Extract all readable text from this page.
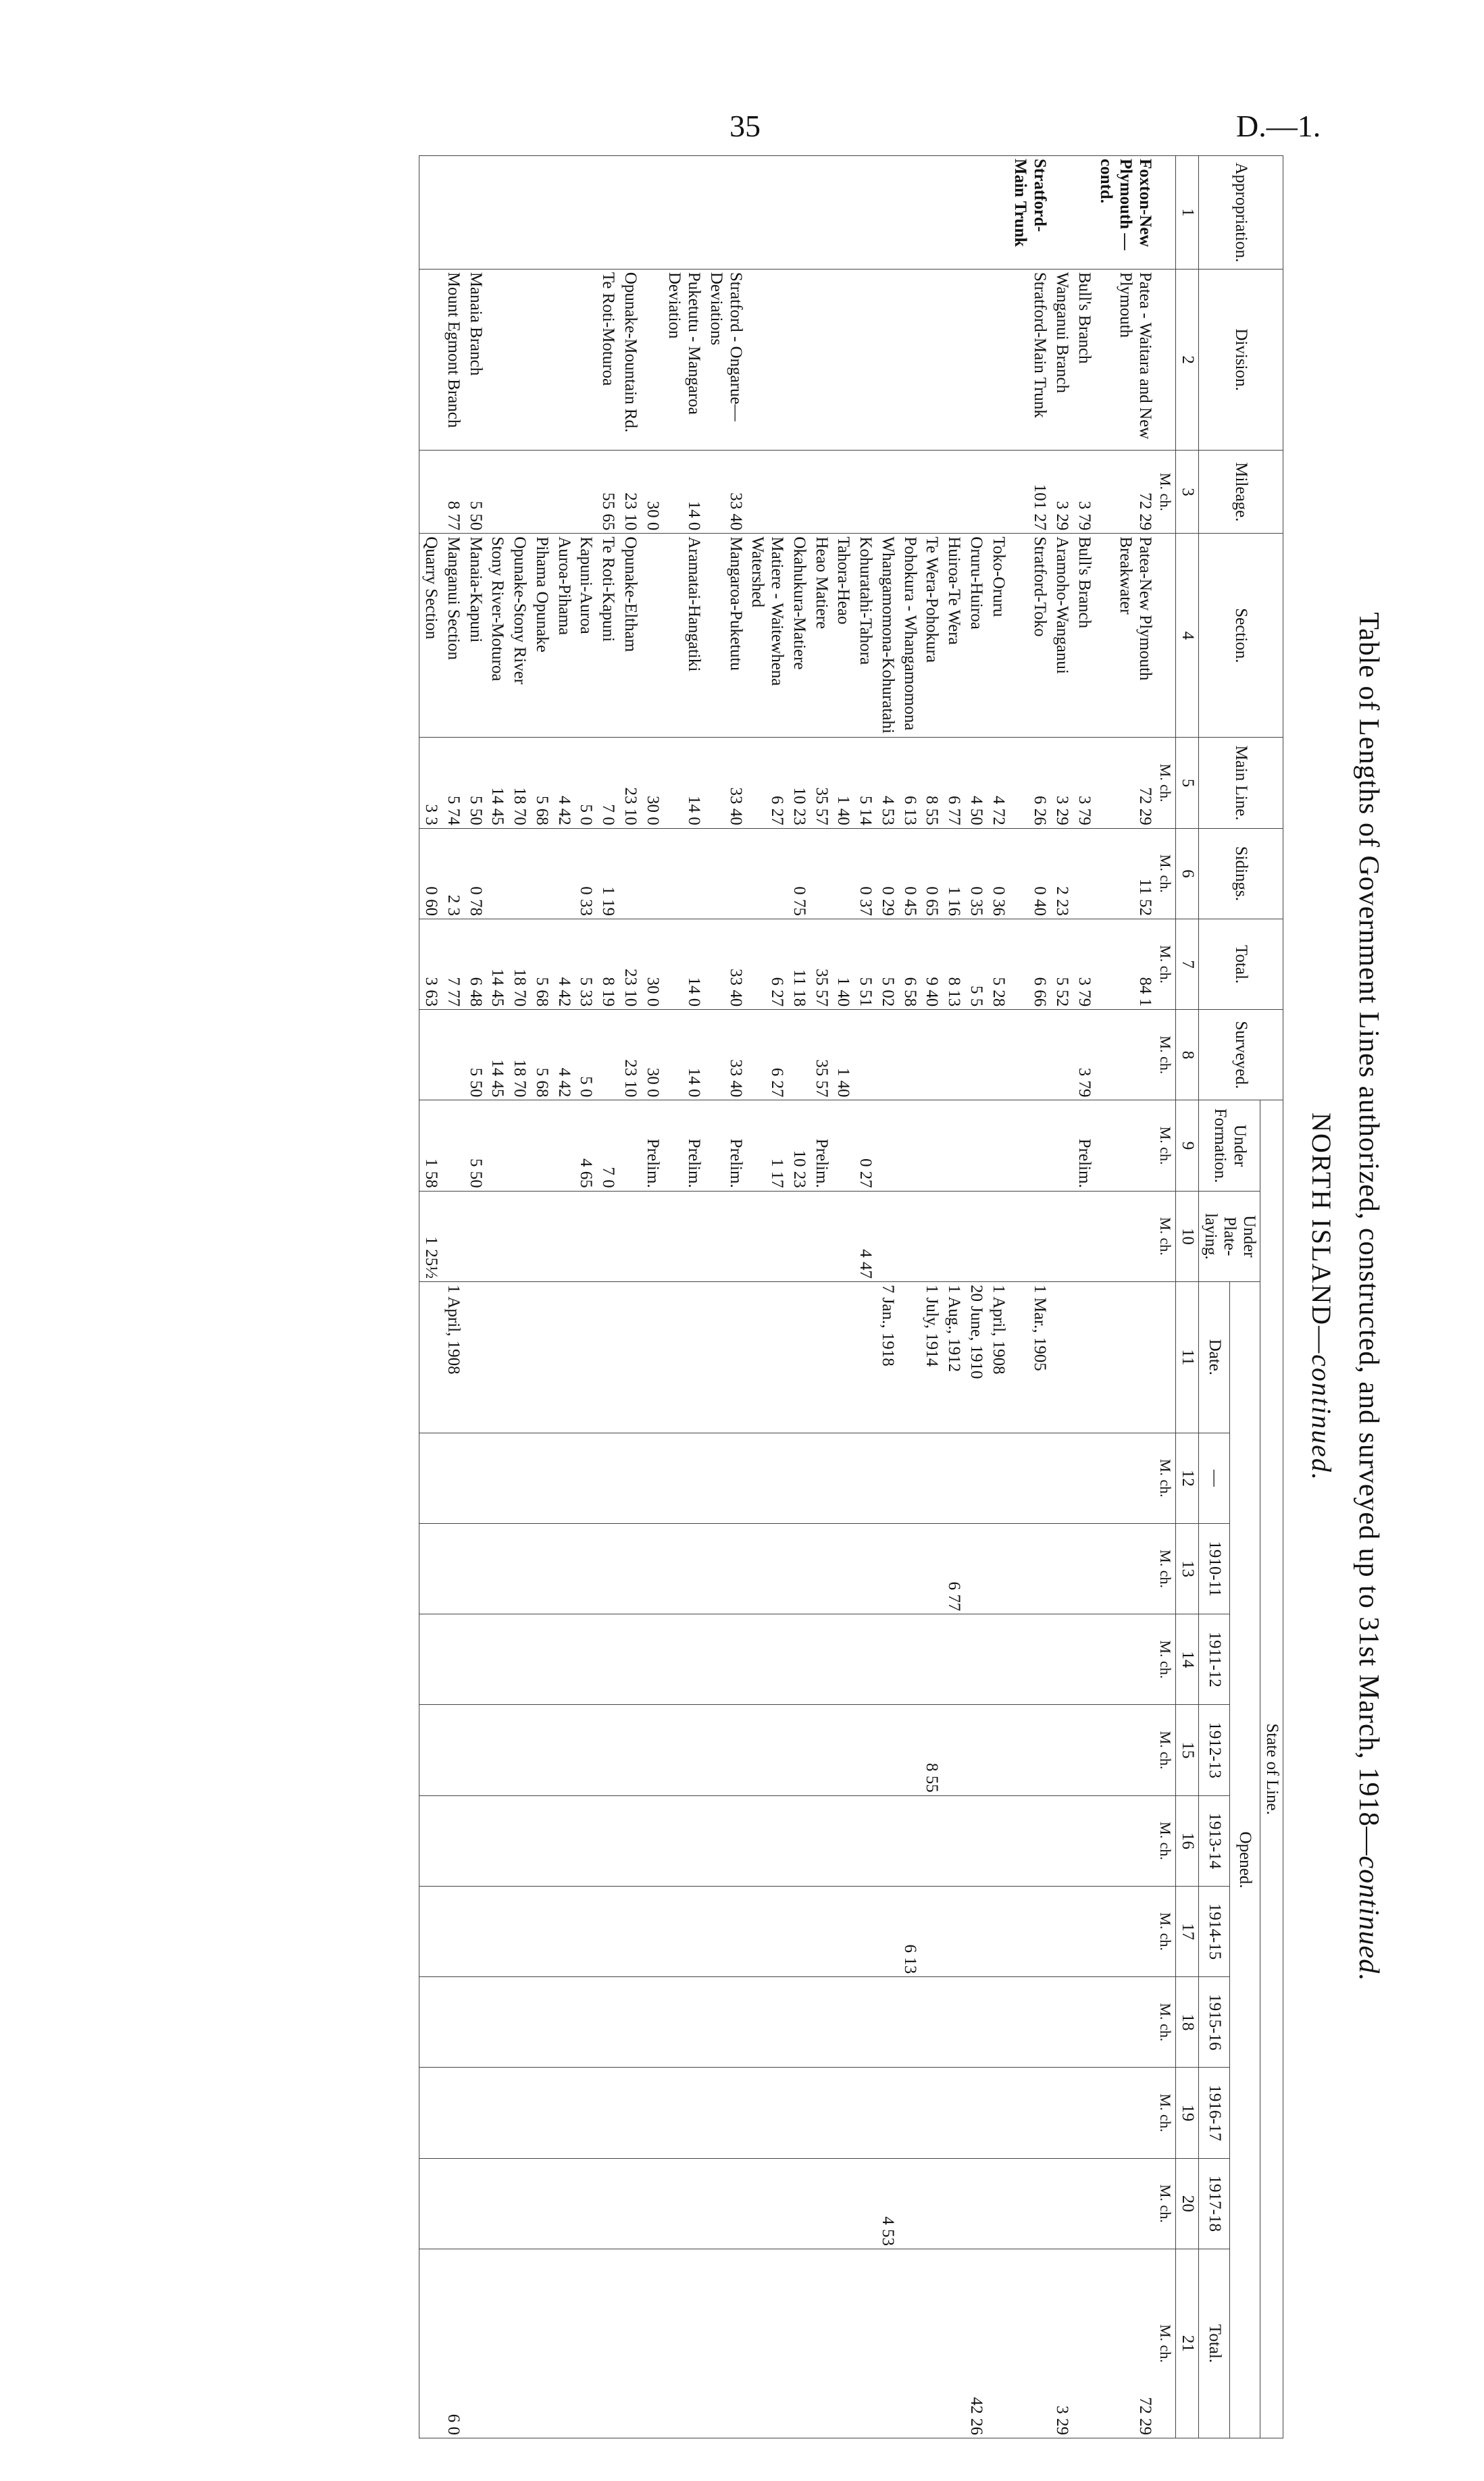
35	D.—1.
Table of Lengths of Government Lines authorized, constructed, and surveyed up to 31st March, 1918—continued.
NORTH ISLAND—continued.
Appropriation.	Division.	Mileage.	Section.	Main Line.	Sidings.	Total.	Surveyed.	State of Line.												
								Under Formation.	Under Plate-laying.	Opened.										
										Date.	—	1910-11	1911-12	1912-13	1913-14	1914-15	1915-16	1916-17	1917-18	Total.
1	2	3	4	5	6	7	8	9	10	11	12	13	14	15	16	17	18	19	20	21
		M. ch.		M. ch.	M. ch.	M. ch.	M. ch.	M. ch.	M. ch.		M. ch.	M. ch.	M. ch.	M. ch.	M. ch.	M. ch.	M. ch.	M. ch.	M. ch.	M. ch.
Foxton-New Plymouth —contd.	Patea - Waitara and New Plymouth	72 29	Patea-New Plymouth Breakwater	72 29	11 52	84 1														72 29
	Bull's Branch	3 79	Bull's Branch	3 79		3 79	3 79	Prelim.												
	Wanganui Branch	3 29	Aramoho-Wanganui	3 29	2 23	5 52														3 29
Stratford-Main Trunk	Stratford-Main Trunk	101 27	Stratford-Toko	6 26	0 40	6 66				1 Mar., 1905										
			Toko-Oruru	4 72	0 36	5 28				1 April, 1908										
			Oruru-Huiroa	4 50	0 35	5 5				20 June, 1910										42 26
			Huiroa-Te Wera	6 77	1 16	8 13				1 Aug., 1912		6 77								
			Te Wera-Pohokura	8 55	0 65	9 40				1 July, 1914				8 55						
			Pohokura - Whangamomona	6 13	0 45	6 58										6 13				
			Whangamomona-Kohuratahi	4 53	0 29	5 02				7 Jan., 1918									4 53	
			Kohuratahi-Tahora	5 14	0 37	5 51		0 27	4 47											
			Tahora-Heao	1 40		1 40	1 40													
			Heao Matiere	35 57		35 57	35 57	Prelim.												
			Okahukura-Matiere	10 23	0 75	11 18		10 23												
			Matiere - Waitewhena Watershed	6 27		6 27	6 27	1 17												
	Stratford - Ongarue—Deviations	33 40	Mangaroa-Puketutu	33 40		33 40	33 40	Prelim.												
	Puketutu - Mangaroa Deviation	14 0	Aramatai-Hangatiki	14 0		14 0	14 0	Prelim.												
		30 0		30 0		30 0	30 0	Prelim.												
	Opunake-Mountain Rd.	23 10	Opunake-Eltham	23 10		23 10	23 10													
	Te Roti-Moturoa	55 65	Te Roti-Kapuni	7 0	1 19	8 19		7 0												
			Kapuni-Auroa	5 0	0 33	5 33	5 0	4 65												
			Auroa-Pihama	4 42		4 42	4 42													
			Pihama Opunake	5 68		5 68	5 68													
			Opunake-Stony River	18 70		18 70	18 70													
			Stony River-Moturoa	14 45		14 45	14 45													
	Manaia Branch	5 50	Manaia-Kapuni	5 50	0 78	6 48	5 50	5 50												
	Mount Egmont Branch	8 77	Manganui Section	5 74	2 3	7 77				1 April, 1908										6 0
			Quarry Section	3 3	0 60	3 63		1 58	1 25½											
